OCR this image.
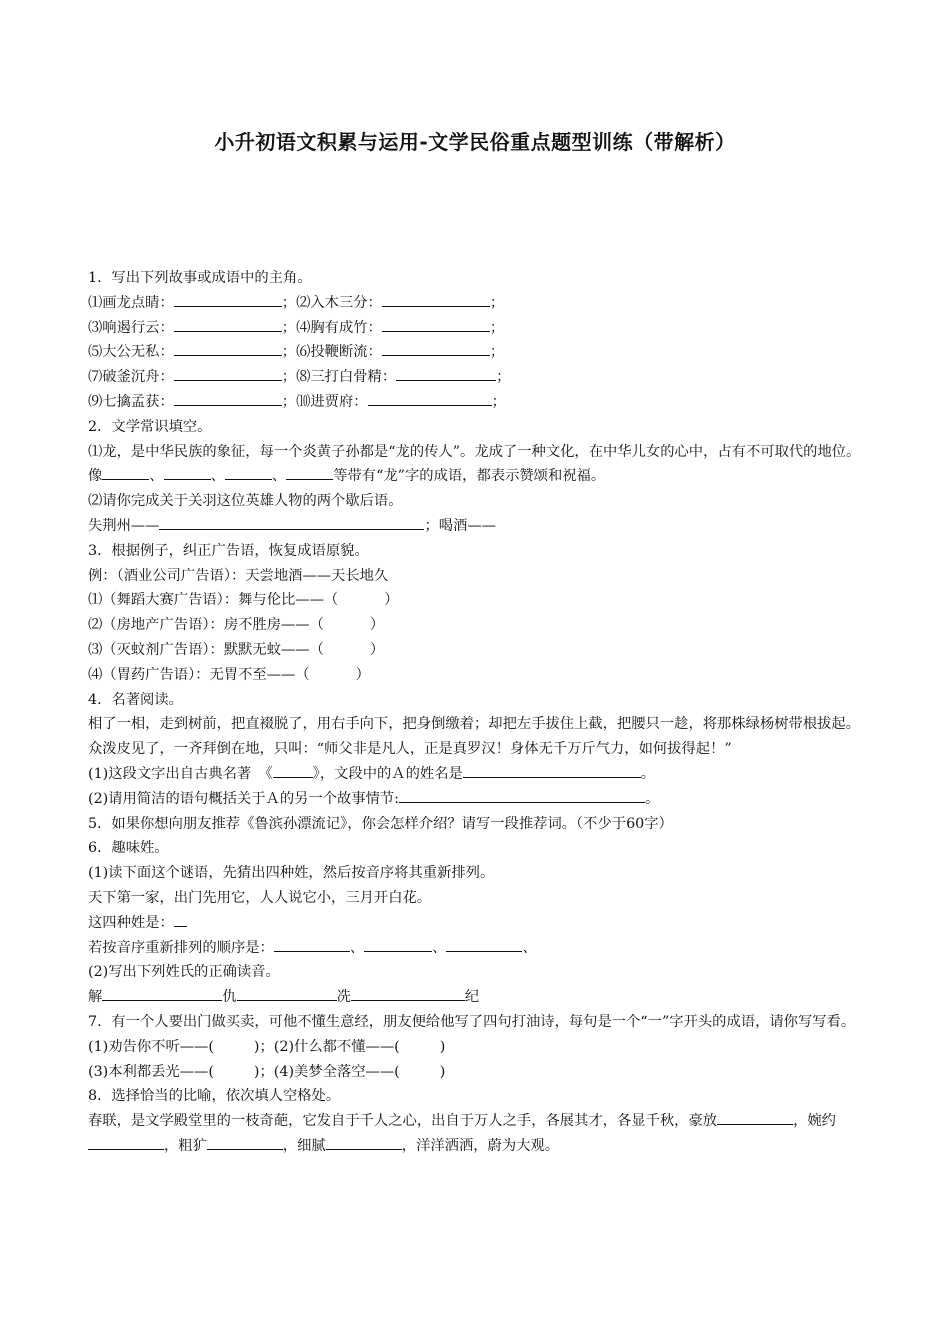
小升初语文积累与运用-文学民俗重点题型训练（带解析）
1．写出下列故事或成语中的主角。
⑴画龙点睛：	；⑵入木三分：	；
⑶响遏行云：	；⑷胸有成竹：	；
⑸大公无私：	；⑹投鞭断流：	；
⑺破釜沉舟：	；⑻三打白骨精：	；
⑼七擒孟获：	；⑽进贾府：	；
2．文学常识填空。
⑴龙，是中华民族的象征，每一个炎黄子孙都是“龙的传人”。龙成了一种文化，在中华儿女的心中，占有不可取代的地位。像	、	、	、	等带有“龙”字的成语，都表示赞颂和祝福。
⑵请你完成关于关羽这位英雄人物的两个歇后语。
失荆州——	；喝酒——
3．根据例子，纠正广告语，恢复成语原貌。
例：（酒业公司广告语）：天尝地酒——天长地久
⑴（舞蹈大赛广告语）：舞与伦比——（	）
⑵（房地产广告语）：房不胜房——（	）
⑶（灭蚊剂广告语）：默默无蚊——（	）
⑷（胃药广告语）：无胃不至——（	）
4．名著阅读。
相了一相，走到树前，把直裰脱了，用右手向下，把身倒缴着；却把左手拔住上截，把腰只一趁，将那株绿杨树带根拔起。众泼皮见了，一齐拜倒在地，只叫：“师父非是凡人，正是真罗汉！身体无千万斤气力，如何拔得起！”
(1)这段文字出自古典名著　《	》，文段中的Ａ的姓名是	。
(2)请用简洁的语句概括关于Ａ的另一个故事情节:	。
5．如果你想向朋友推荐《鲁滨孙漂流记》，你会怎样介绍？请写一段推荐词。（不少于60字）
6．趣味姓。
(1)读下面这个谜语，先猜出四种姓，然后按音序将其重新排列。
天下第一家，出门先用它，人人说它小，三月开白花。
这四种姓是：
若按音序重新排列的顺序是：	、	、	、
(2)写出下列姓氏的正确读音。
解	仇	冼	纪
7．有一个人要出门做买卖，可他不懂生意经，朋友便给他写了四句打油诗，每句是一个“一”字开头的成语，请你写写看。
(1)劝告你不听——(	)；(2)什么都不懂——(	)
(3)本利都丢光——(	)；(4)美梦全落空——(	)
8．选择恰当的比喻，依次填人空格处。
春联，是文学殿堂里的一枝奇葩，它发自于千人之心，出自于万人之手，各展其才，各显千秋，豪放	，婉约，粗犷	，细腻	，洋洋洒洒，蔚为大观。
